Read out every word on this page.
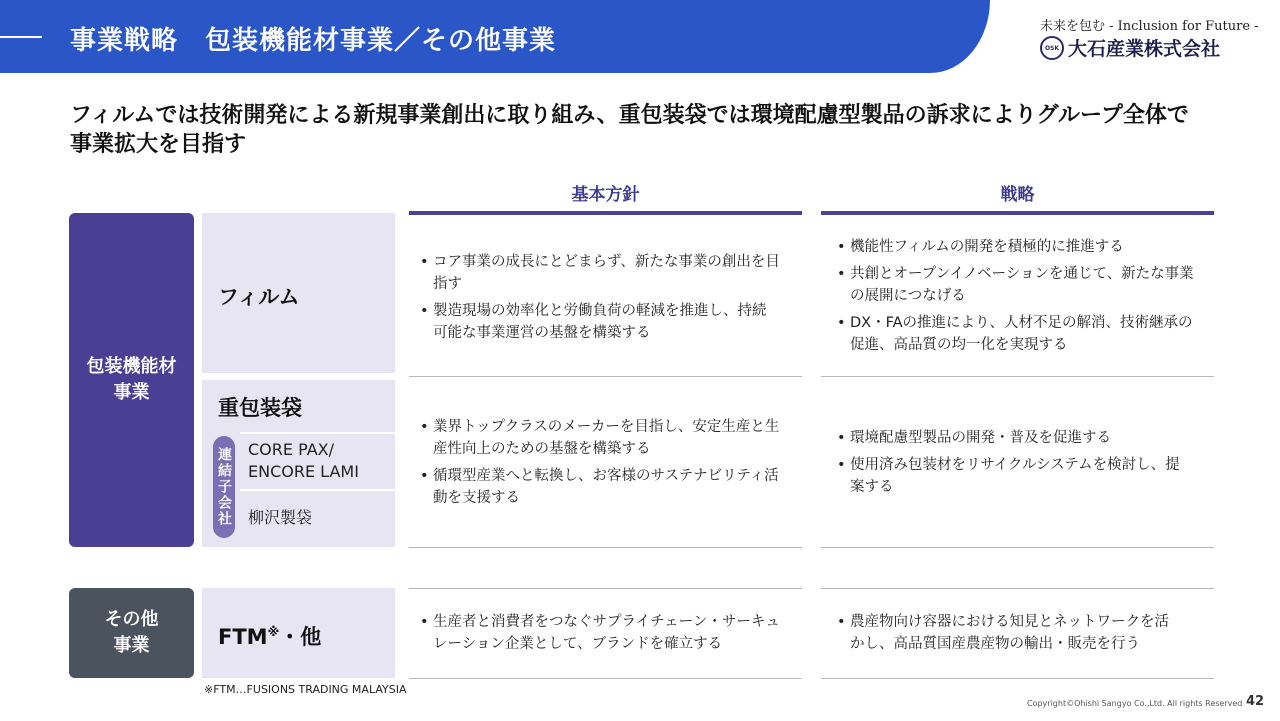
事業戦略　包装機能材事業／その他事業	未来を包む - Inclusion for Future -
OSK 大石産業株式会社
フィルムでは技術開発による新規事業創出に取り組み、重包装袋では環境配慮型製品の訴求によりグループ全体で事業拡大を目指す
基本方針	戦略
包装機能材
事業
その他
事業
フィルム
重包装袋
連結子会社 CORE PAX/
ENCORE LAMI
柳沢製袋
FTM※・他
• コア事業の成長にとどまらず、新たな事業の創出を目指す
• 製造現場の効率化と労働負荷の軽減を推進し、持続可能な事業運営の基盤を構築する
• 機能性フィルムの開発を積極的に推進する
• 共創とオープンイノベーションを通じて、新たな事業の展開につなげる
• DX・FAの推進により、人材不足の解消、技術継承の促進、高品質の均一化を実現する
• 業界トップクラスのメーカーを目指し、安定生産と生産性向上のための基盤を構築する
• 循環型産業へと転換し、お客様のサステナビリティ活動を支援する
• 環境配慮型製品の開発・普及を促進する
• 使用済み包装材をリサイクルシステムを検討し、提案する
• 生産者と消費者をつなぐサプライチェーン・サーキュレーション企業として、ブランドを確立する
• 農産物向け容器における知見とネットワークを活かし、高品質国産農産物の輸出・販売を行う
※FTM…FUSIONS TRADING MALAYSIA
Copyright©Ohishi Sangyo Co.,Ltd. All rights Reserved 42
